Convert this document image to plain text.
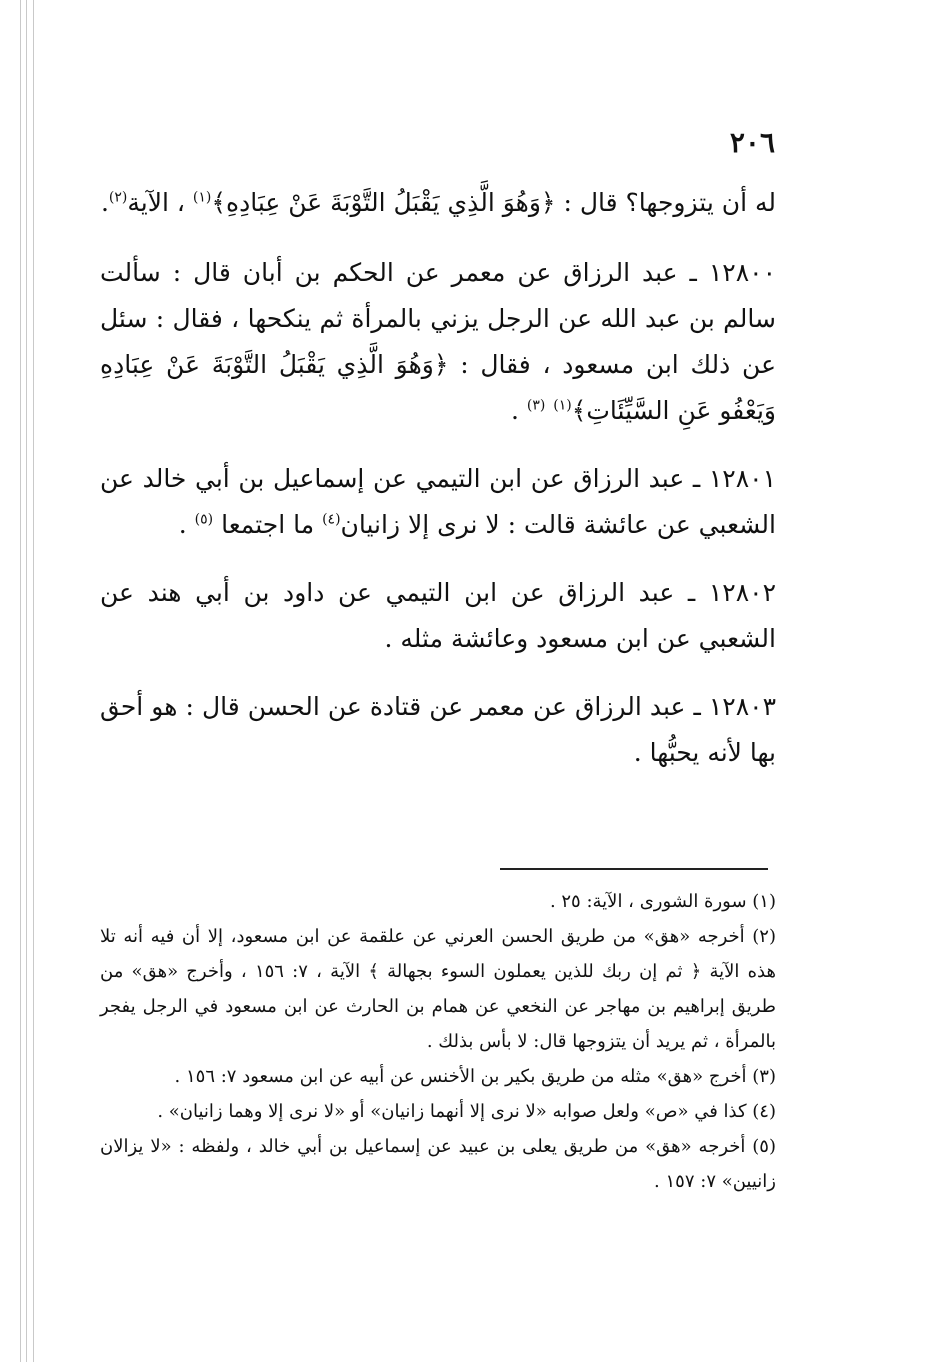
٢٠٦

له أن يتزوجها؟ قال : ﴿وَهُوَ الَّذِي يَقْبَلُ التَّوْبَةَ عَنْ عِبَادِهِ﴾$^{(١)}$ ، الآية$^{(٢)}$.

١٢٨٠٠ ـ عبد الرزاق عن معمر عن الحكم بن أبان قال : سألت سالم بن عبد الله عن الرجل يزني بالمرأة ثم ينكحها ، فقال : سئل عن ذلك ابن مسعود ، فقال : ﴿وَهُوَ الَّذِي يَقْبَلُ التَّوْبَةَ عَنْ عِبَادِهِ وَيَعْفُو عَنِ السَّيِّئَاتِ﴾$^{(١)}$ $^{(٣)}$ .

١٢٨٠١ ـ عبد الرزاق عن ابن التيمي عن إسماعيل بن أبي خالد عن الشعبي عن عائشة قالت : لا نرى إلا زانيان$^{(٤)}$ ما اجتمعا $^{(٥)}$ .

١٢٨٠٢ ـ عبد الرزاق عن ابن التيمي عن داود بن أبي هند عن الشعبي عن ابن مسعود وعائشة مثله .

١٢٨٠٣ ـ عبد الرزاق عن معمر عن قتادة عن الحسن قال : هو أحق بها لأنه يحبُّها .

(١) سورة الشورى ، الآية: ٢٥ .

(٢) أخرجه «هق» من طريق الحسن العرني عن علقمة عن ابن مسعود، إلا أن فيه أنه تلا هذه الآية ﴿ ثم إن ربك للذين يعملون السوء بجهالة ﴾ الآية ، ٧: ١٥٦ ، وأخرج «هق» من طريق إبراهيم بن مهاجر عن النخعي عن همام بن الحارث عن ابن مسعود في الرجل يفجر بالمرأة ، ثم يريد أن يتزوجها قال: لا بأس بذلك .

(٣) أخرج «هق» مثله من طريق بكير بن الأخنس عن أبيه عن ابن مسعود ٧: ١٥٦ .

(٤) كذا في «ص» ولعل صوابه «لا نرى إلا أنهما زانيان» أو «لا نرى إلا وهما زانيان» .

(٥) أخرجه «هق» من طريق يعلى بن عبيد عن إسماعيل بن أبي خالد ، ولفظه : «لا يزالان زانيين» ٧: ١٥٧ .
